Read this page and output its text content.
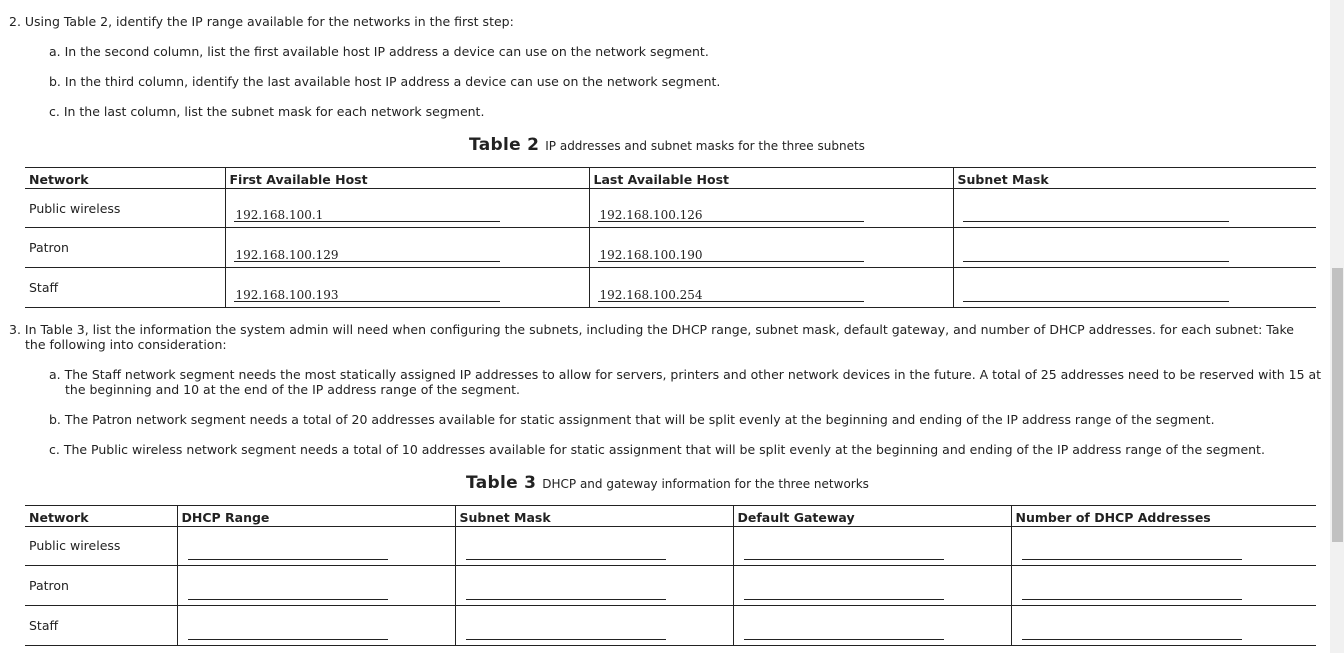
2. Using Table 2, identify the IP range available for the networks in the first step:
a. In the second column, list the first available host IP address a device can use on the network segment.
b. In the third column, identify the last available host IP address a device can use on the network segment.
c. In the last column, list the subnet mask for each network segment.
Table 2 IP addresses and subnet masks for the three subnets
Network	First Available Host	Last Available Host	Subnet Mask

Public wireless	192.168.100.1	192.168.100.126	

Patron	192.168.100.129	192.168.100.190	

Staff	192.168.100.193	192.168.100.254	

3. In Table 3, list the information the system admin will need when configuring the subnets, including the DHCP range, subnet mask, default gateway, and number of DHCP addresses. for each subnet: Take the following into consideration:
a. The Staff network segment needs the most statically assigned IP addresses to allow for servers, printers and other network devices in the future. A total of 25 addresses need to be reserved with 15 at the beginning and 10 at the end of the IP address range of the segment.
b. The Patron network segment needs a total of 20 addresses available for static assignment that will be split evenly at the beginning and ending of the IP address range of the segment.
c. The Public wireless network segment needs a total of 10 addresses available for static assignment that will be split evenly at the beginning and ending of the IP address range of the segment.
Table 3 DHCP and gateway information for the three networks
Network	DHCP Range	Subnet Mask	Default Gateway	Number of DHCP Addresses

Public wireless				

Patron				

Staff				
